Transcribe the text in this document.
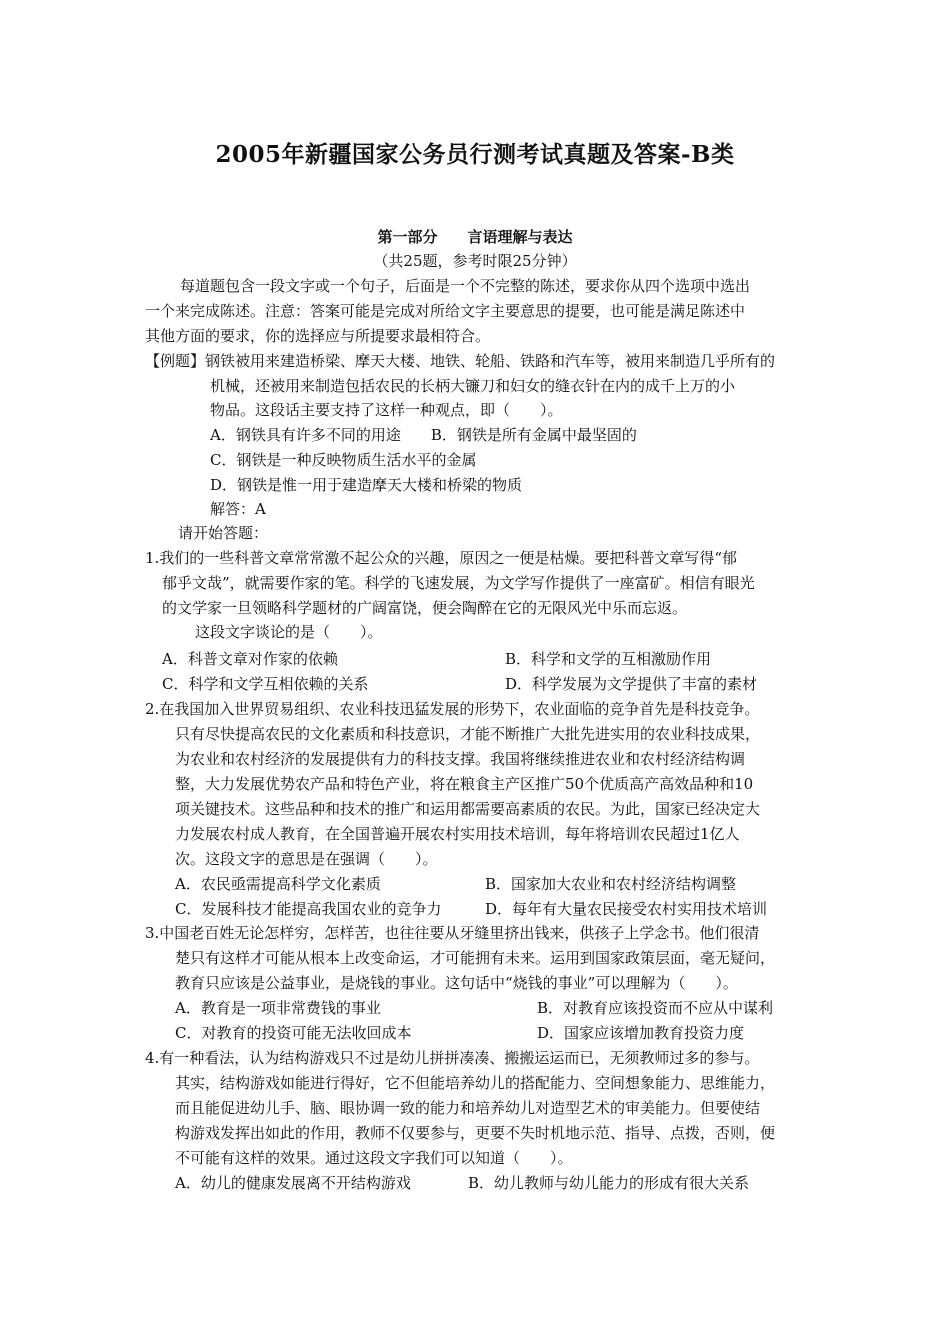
2005年新疆国家公务员行测考试真题及答案-B类
第一部分　　言语理解与表达
（共25题，参考时限25分钟）
每道题包含一段文字或一个句子，后面是一个不完整的陈述，要求你从四个选项中选出
一个来完成陈述。注意：答案可能是完成对所给文字主要意思的提要，也可能是满足陈述中
其他方面的要求，你的选择应与所提要求最相符合。
【例题】钢铁被用来建造桥梁、摩天大楼、地铁、轮船、铁路和汽车等，被用来制造几乎所有的
机械，还被用来制造包括农民的长柄大镰刀和妇女的缝衣针在内的成千上万的小
物品。这段话主要支持了这样一种观点，即（　　）。
A．钢铁具有许多不同的用途　　B．钢铁是所有金属中最坚固的
C．钢铁是一种反映物质生活水平的金属
D．钢铁是惟一用于建造摩天大楼和桥梁的物质
解答：A
请开始答题：
1.我们的一些科普文章常常激不起公众的兴趣，原因之一便是枯燥。要把科普文章写得“郁
郁乎文哉”，就需要作家的笔。科学的飞速发展，为文学写作提供了一座富矿。相信有眼光
的文学家一旦领略科学题材的广阔富饶，便会陶醉在它的无限风光中乐而忘返。
这段文字谈论的是（　　）。
A．科普文章对作家的依赖	B．科学和文学的互相激励作用
C．科学和文学互相依赖的关系	D．科学发展为文学提供了丰富的素材
2.在我国加入世界贸易组织、农业科技迅猛发展的形势下，农业面临的竞争首先是科技竞争。
只有尽快提高农民的文化素质和科技意识，才能不断推广大批先进实用的农业科技成果，
为农业和农村经济的发展提供有力的科技支撑。我国将继续推进农业和农村经济结构调
整，大力发展优势农产品和特色产业，将在粮食主产区推广50个优质高产高效品种和10
项关键技术。这些品种和技术的推广和运用都需要高素质的农民。为此，国家已经决定大
力发展农村成人教育，在全国普遍开展农村实用技术培训，每年将培训农民超过1亿人
次。这段文字的意思是在强调（　　）。
A．农民亟需提高科学文化素质	B．国家加大农业和农村经济结构调整
C．发展科技才能提高我国农业的竞争力	D．每年有大量农民接受农村实用技术培训
3.中国老百姓无论怎样穷，怎样苦，也往往要从牙缝里挤出钱来，供孩子上学念书。他们很清
楚只有这样才可能从根本上改变命运，才可能拥有未来。运用到国家政策层面，毫无疑问，
教育只应该是公益事业，是烧钱的事业。这句话中“烧钱的事业”可以理解为（　　）。
A．教育是一项非常费钱的事业	B．对教育应该投资而不应从中谋利
C．对教育的投资可能无法收回成本	D．国家应该增加教育投资力度
4.有一种看法，认为结构游戏只不过是幼儿拼拼凑凑、搬搬运运而已，无须教师过多的参与。
其实，结构游戏如能进行得好，它不但能培养幼儿的搭配能力、空间想象能力、思维能力，
而且能促进幼儿手、脑、眼协调一致的能力和培养幼儿对造型艺术的审美能力。但要使结
构游戏发挥出如此的作用，教师不仅要参与，更要不失时机地示范、指导、点拨，否则，便
不可能有这样的效果。通过这段文字我们可以知道（　　）。
A．幼儿的健康发展离不开结构游戏	B．幼儿教师与幼儿能力的形成有很大关系
